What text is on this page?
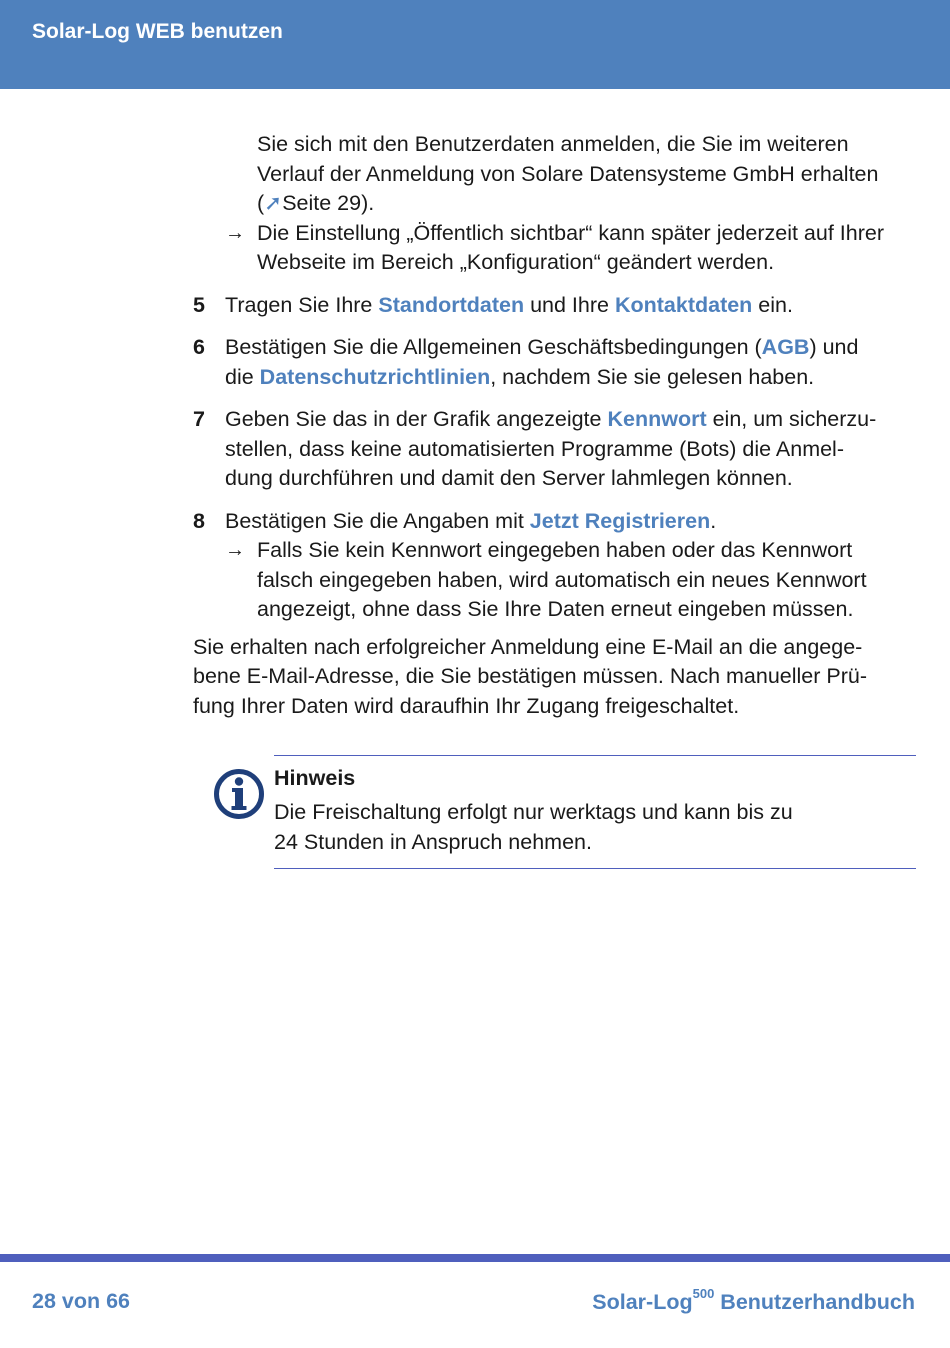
Solar-Log WEB benutzen
Sie sich mit den Benutzerdaten anmelden, die Sie im weiteren
Verlauf der Anmeldung von Solare Datensysteme GmbH erhalten
(➚Seite 29).
→ Die Einstellung „Öffentlich sichtbar“ kann später jederzeit auf Ihrer
Webseite im Bereich „Konfiguration“ geändert werden.
5 Tragen Sie Ihre Standortdaten und Ihre Kontaktdaten ein.
6 Bestätigen Sie die Allgemeinen Geschäftsbedingungen (AGB) und
die Datenschutzrichtlinien, nachdem Sie sie gelesen haben.
7 Geben Sie das in der Grafik angezeigte Kennwort ein, um sicherzu-
stellen, dass keine automatisierten Programme (Bots) die Anmel-
dung durchführen und damit den Server lahmlegen können.
8 Bestätigen Sie die Angaben mit Jetzt Registrieren.
→ Falls Sie kein Kennwort eingegeben haben oder das Kennwort
falsch eingegeben haben, wird automatisch ein neues Kennwort
angezeigt, ohne dass Sie Ihre Daten erneut eingeben müssen.
Sie erhalten nach erfolgreicher Anmeldung eine E-Mail an die angege-
bene E-Mail-Adresse, die Sie bestätigen müssen. Nach manueller Prü-
fung Ihrer Daten wird daraufhin Ihr Zugang freigeschaltet.
Hinweis
Die Freischaltung erfolgt nur werktags und kann bis zu
24 Stunden in Anspruch nehmen.
28 von 66	Solar-Log$^{500}$ Benutzerhandbuch
